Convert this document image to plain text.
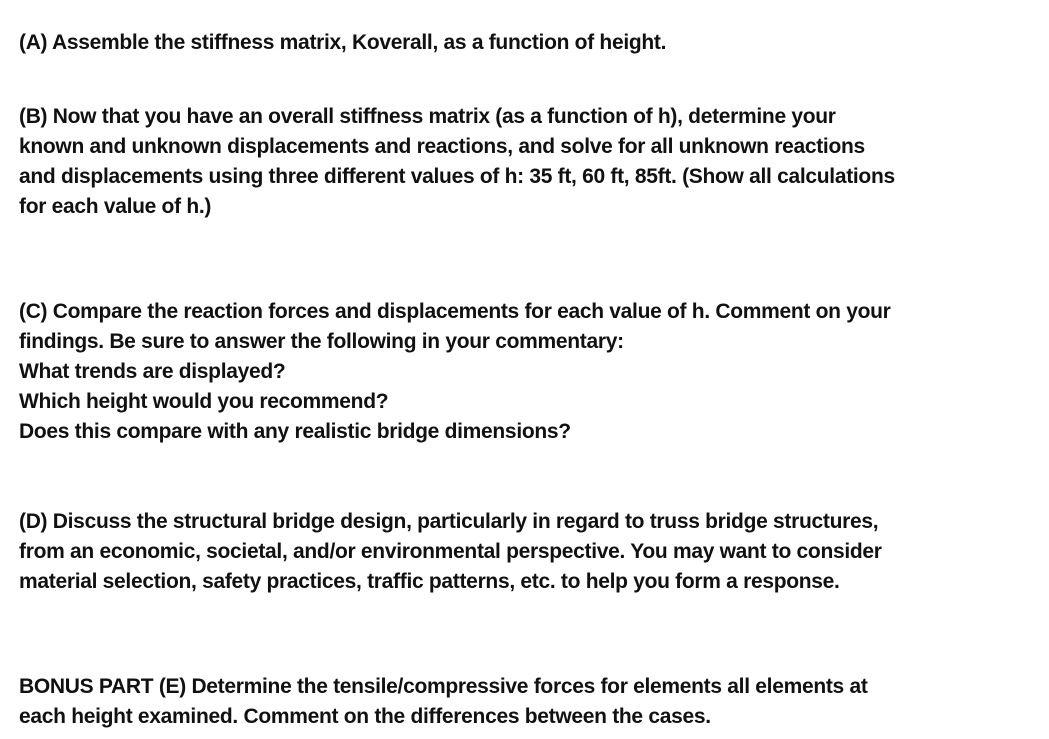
(A) Assemble the stiffness matrix, Koverall, as a function of height.
(B) Now that you have an overall stiffness matrix (as a function of h), determine your
known and unknown displacements and reactions, and solve for all unknown reactions
and displacements using three different values of h: 35 ft, 60 ft, 85ft. (Show all calculations
for each value of h.)
(C) Compare the reaction forces and displacements for each value of h. Comment on your
findings. Be sure to answer the following in your commentary:
What trends are displayed?
Which height would you recommend?
Does this compare with any realistic bridge dimensions?
(D) Discuss the structural bridge design, particularly in regard to truss bridge structures,
from an economic, societal, and/or environmental perspective. You may want to consider
material selection, safety practices, traffic patterns, etc. to help you form a response.
BONUS PART (E) Determine the tensile/compressive forces for elements all elements at
each height examined. Comment on the differences between the cases.
